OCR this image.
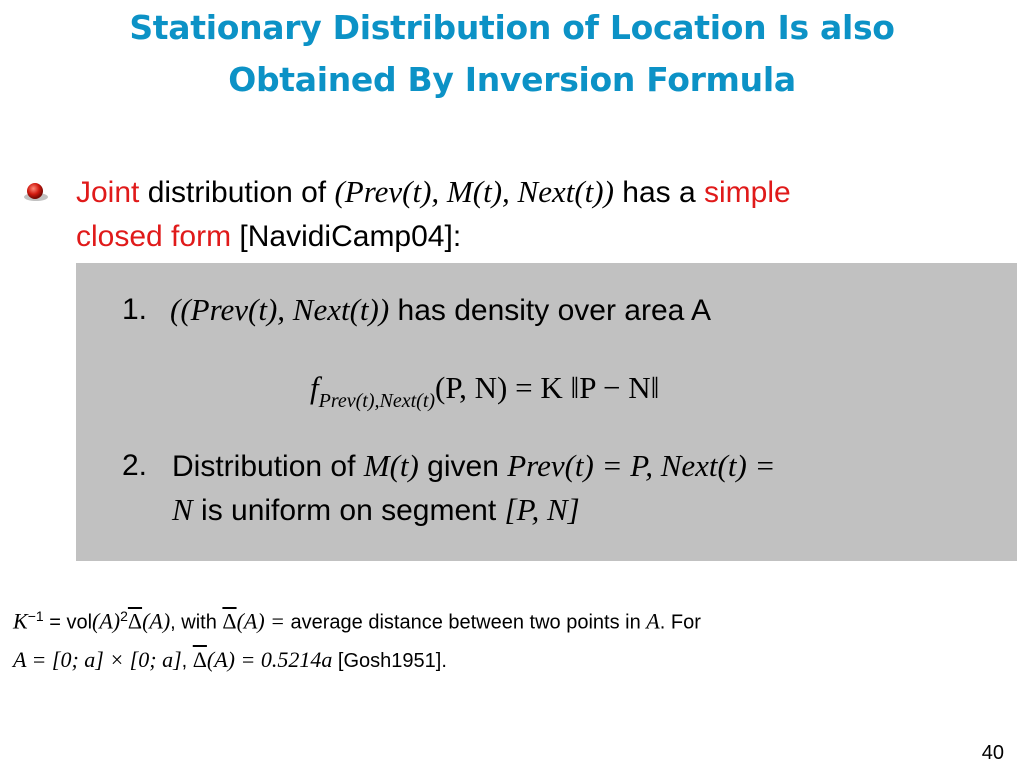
Stationary Distribution of Location Is also
Obtained By Inversion Formula
Joint distribution of (Prev(t), M(t), Next(t)) has a simple
closed form [NavidiCamp04]:
1. ((Prev(t), Next(t)) has density over area A
$f_{Prev(t),Next(t)}(P$, N) = K ‖P − N‖
2. Distribution of M(t) given Prev(t) = P, Next(t) =
N is uniform on segment [P, N]
$K^{-1} = vol(A)^2\overline{\Delta}(A)$, with $\overline{\Delta}(A)$ = average distance between two points in A. For
A = [0; a] × [0; a], $\overline{\Delta}(A) = 0.5214a$ [Gosh1951].
40
